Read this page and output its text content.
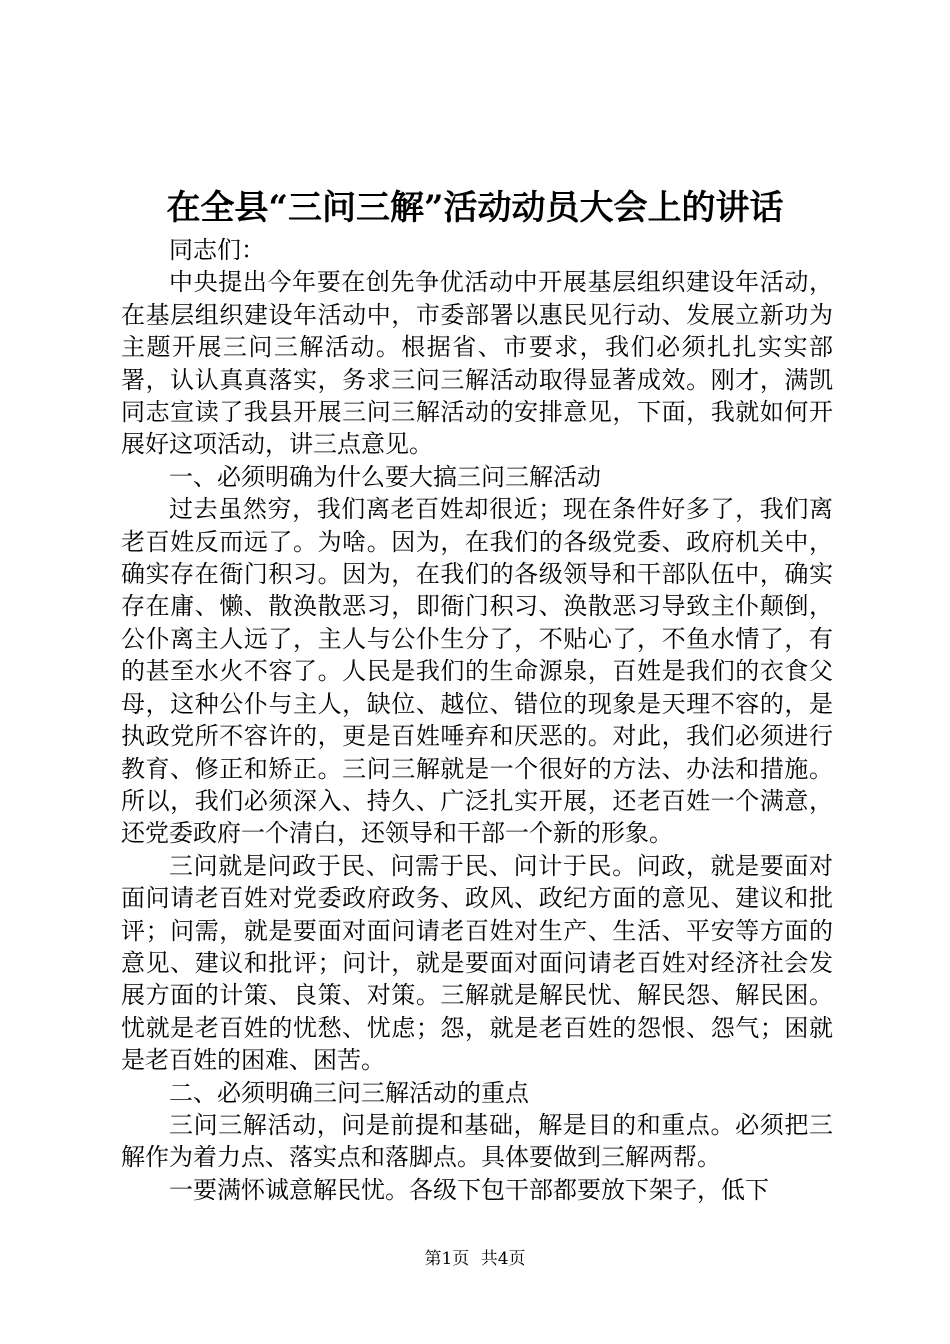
在全县“三问三解”活动动员大会上的讲话

同志们：

中央提出今年要在创先争优活动中开展基层组织建设年活动，在基层组织建设年活动中，市委部署以惠民见行动、发展立新功为主题开展三问三解活动。根据省、市要求，我们必须扎扎实实部署，认认真真落实，务求三问三解活动取得显著成效。刚才，满凯同志宣读了我县开展三问三解活动的安排意见，下面，我就如何开展好这项活动，讲三点意见。

一、必须明确为什么要大搞三问三解活动

过去虽然穷，我们离老百姓却很近；现在条件好多了，我们离老百姓反而远了。为啥。因为，在我们的各级党委、政府机关中，确实存在衙门积习。因为，在我们的各级领导和干部队伍中，确实存在庸、懒、散涣散恶习，即衙门积习、涣散恶习导致主仆颠倒，公仆离主人远了，主人与公仆生分了，不贴心了，不鱼水情了，有的甚至水火不容了。人民是我们的生命源泉，百姓是我们的衣食父母，这种公仆与主人，缺位、越位、错位的现象是天理不容的，是执政党所不容许的，更是百姓唾弃和厌恶的。对此，我们必须进行教育、修正和矫正。三问三解就是一个很好的方法、办法和措施。所以，我们必须深入、持久、广泛扎实开展，还老百姓一个满意，还党委政府一个清白，还领导和干部一个新的形象。

三问就是问政于民、问需于民、问计于民。问政，就是要面对面问请老百姓对党委政府政务、政风、政纪方面的意见、建议和批评；问需，就是要面对面问请老百姓对生产、生活、平安等方面的意见、建议和批评；问计，就是要面对面问请老百姓对经济社会发展方面的计策、良策、对策。三解就是解民忧、解民怨、解民困。忧就是老百姓的忧愁、忧虑；怨，就是老百姓的怨恨、怨气；困就是老百姓的困难、困苦。

二、必须明确三问三解活动的重点

三问三解活动，问是前提和基础，解是目的和重点。必须把三解作为着力点、落实点和落脚点。具体要做到三解两帮。

一要满怀诚意解民忧。各级下包干部都要放下架子，低下

第1页 共4页
